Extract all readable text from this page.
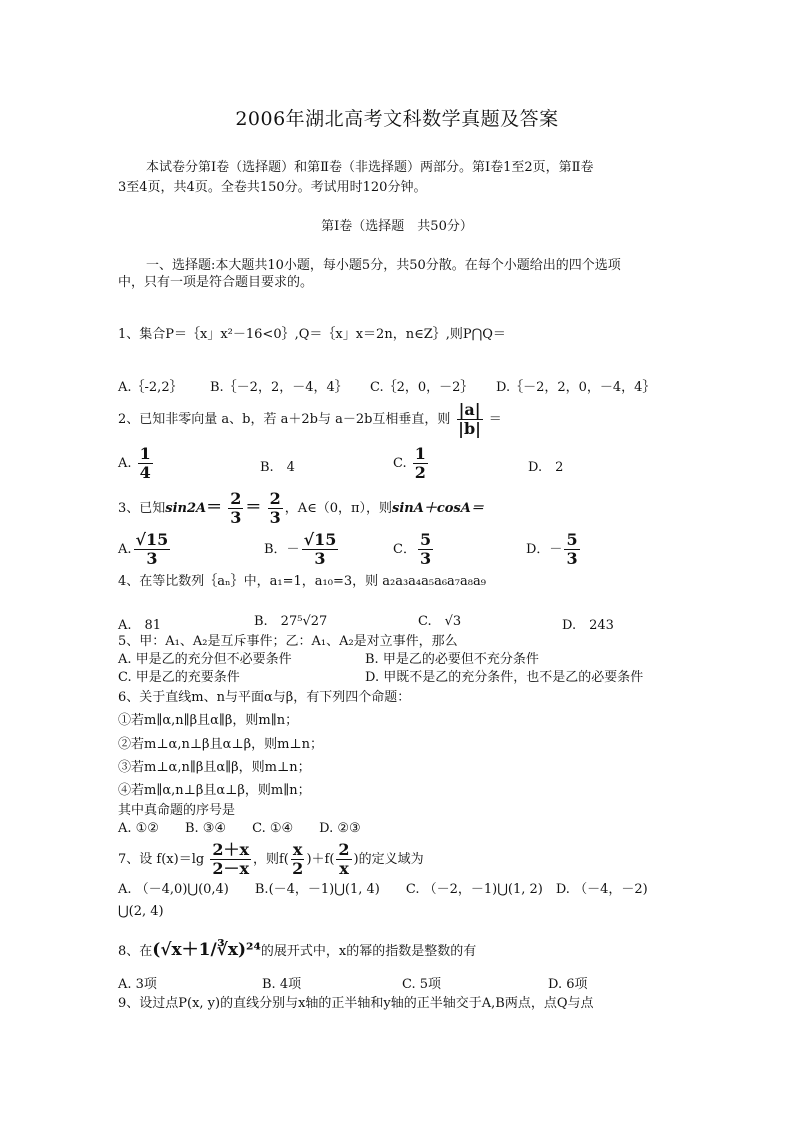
2006年湖北高考文科数学真题及答案
本试卷分第Ⅰ卷（选择题）和第Ⅱ卷（非选择题）两部分。第Ⅰ卷1至2页，第Ⅱ卷
3至4页，共4页。全卷共150分。考试用时120分钟。
第Ⅰ卷（选择题　共50分）
一、选择题:本大题共10小题，每小题5分，共50分散。在每个小题给出的四个选项
中，只有一项是符合题目要求的。
1、集合P＝｛x」x²－16<0｝,Q＝｛x」x＝2n，n∈Z｝,则P⋂Q＝
A.｛-2,2｝ B.｛－2，2，－4，4｝ C.｛2，0，－2｝ D.｛－2，2，0，－4，4｝
2、已知非零向量 a、b，若 a＋2b与 a－2b互相垂直，则 $\frac{|a|}{|b|}$ ＝
A. $\frac{1}{4}$	B.　4	C. $\frac{1}{2}$	D.　2
3、已知$\sin 2A= \frac{2}{3} = \frac{2}{3}$ ，A∈（0，π），则sinA＋cosA＝
A. $\frac{√15}{3}$	B．－ $\frac{√15}{3}$	C． $\frac{5}{3}$	D．－ $\frac{5}{3}$
4、在等比数列｛aₙ｝中，a₁=1，a₁₀=3，则 a₂a₃a₄a₅a₆a₇a₈a₉
A.　81	B.　27⁵√27	C.　√3	D.　243
5、甲：A₁、A₂是互斥事件；乙：A₁、A₂是对立事件，那么
A. 甲是乙的充分但不必要条件	B. 甲是乙的必要但不充分条件
C. 甲是乙的充要条件	D. 甲既不是乙的充分条件，也不是乙的必要条件
6、关于直线m、n与平面α与β，有下列四个命题：
①若m∥α,n∥β且α∥β，则m∥n；
②若m⊥α,n⊥β且α⊥β，则m⊥n；
③若m⊥α,n∥β且α∥β，则m⊥n；
④若m∥α,n⊥β且α⊥β，则m∥n；
其中真命题的序号是
A. ①②　　B. ③④　　C. ①④　　D. ②③
7、设 $f(x)=\lg \frac{2+x}{2-x}$ ，则$f( \frac{x}{2} )+f( \frac{2}{x}$ )的定义域为
A. （－4,0)⋃(0,4)　　B.(－4，－1)⋃(1, 4)　　C. （－2，－1)⋃(1, 2)　D. （－4，－2)
⋃(2, 4)
8、在(√x＋1/∛x)²⁴的展开式中，x的幂的指数是整数的有
A. 3项	B. 4项	C. 5项	D. 6项
9、设过点P(x, y)的直线分别与x轴的正半轴和y轴的正半轴交于A,B两点，点Q与点
